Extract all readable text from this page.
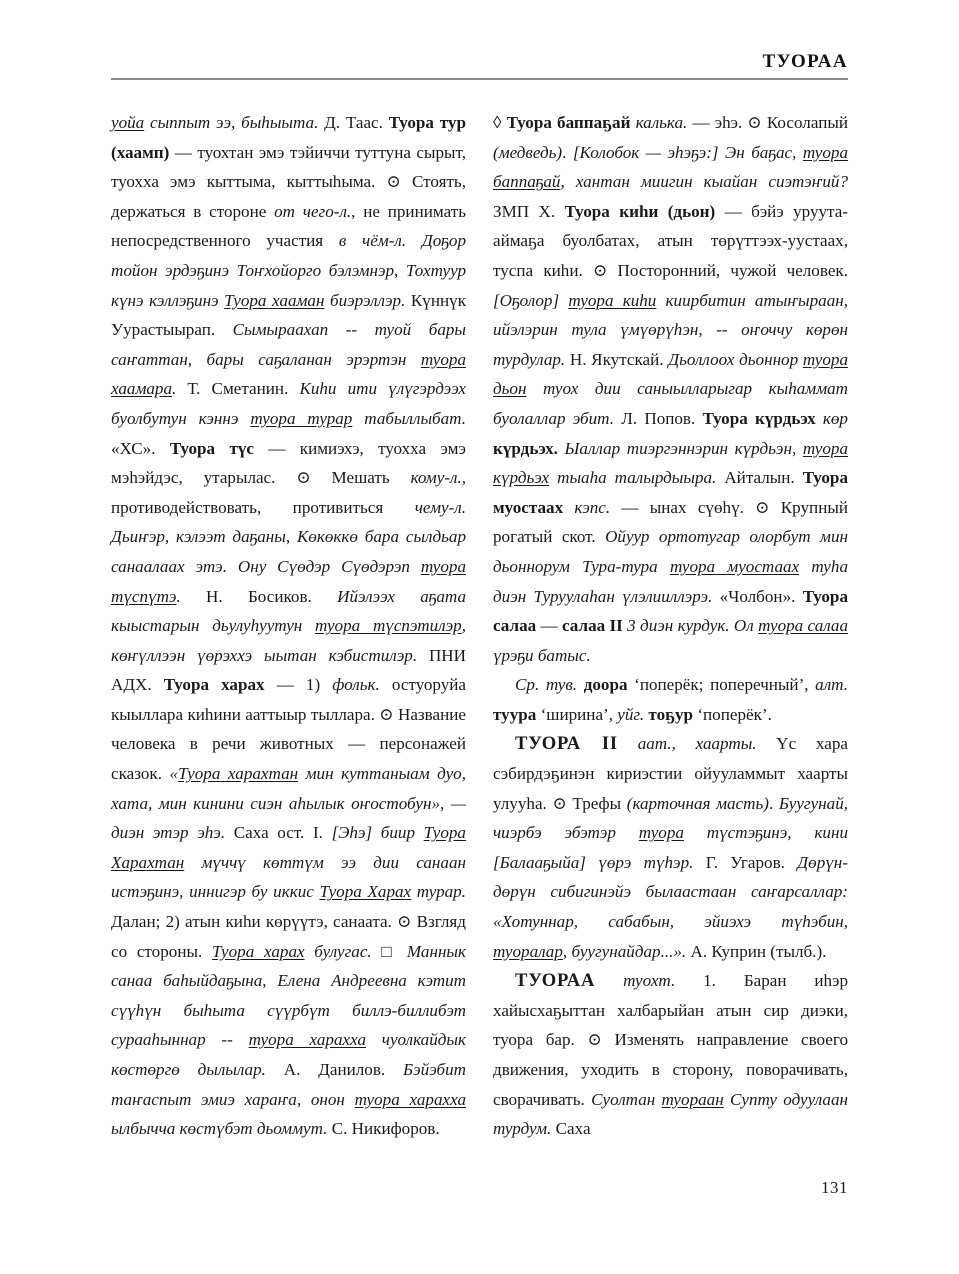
ТУОРАА

уойа сыппыт ээ, быһыыта. Д. Таас. Туора тур (хаамп) — туохтан эмэ тэйиччи туттуна сырыт, туохха эмэ кыттыма, кыттыһыма. ⊙ Стоять, держаться в стороне от чего-л., не принимать непосредственного участия в чём-л. Доҕор тойон эрдэҕинэ Тоҥхойорго бэлэмнэр, Тохтуур күнэ кэллэҕинэ Туора хааман биэрэллэр. Күннүк Уурастыырап. Сымыраахап -- туой бары саҥаттан, бары саҕаланан эрэртэн туора хаамара. Т. Сметанин. Киһи ити үлүгэрдээх буолбутун кэннэ туора турар табыллыбат. «ХС». Туора түс — кимиэхэ, туохха эмэ мэһэйдэс, утарылас. ⊙ Мешать кому-л., противодействовать, противиться чему-л. Дьиҥэр, кэлээт даҕаны, Көкөккө бара сылдьар санаалаах этэ. Ону Сүөдэр Сүөдэрэп туора түспүтэ. Н. Босиков. Ийэлээх аҕата кыыстарын дьулуһуутун туора түспэтилэр, көҥүллээн үөрэххэ ыытан кэбистилэр. ПНИ АДХ. Туора харах — 1) фольк. остуоруйа кыыллара киһини ааттыыр тыллара. ⊙ Название человека в речи животных — персонажей сказок. «Туора харахтан мин куттаныам дуо, хата, мин кинини сиэн аһылык оҥостобун», — диэн этэр эһэ. Саха ост. I. [Эһэ] биир Туора Харахтан мүччү көттүм ээ дии санаан истэҕинэ, иннигэр бу иккис Туора Харах турар. Далан; 2) атын киһи көрүүтэ, санаата. ⊙ Взгляд со стороны. Туора харах булугас. □ Маннык санаа баһыйдаҕына, Елена Андреевна кэтит сүүһүн быһыта сүүрбүт биллэ-биллибэт сурааһыннар -- туора харахха чуолкайдык көстөргө дылылар. А. Данилов. Бэйэбит таҥаспыт эмиэ хараҥа, онон туора харахха ылбычча көстүбэт дьоммут. С. Никифоров.

◊ Туора баппаҕай калька. — эһэ. ⊙ Косолапый (медведь). [Колобок — эһэҕэ:] Эн баҕас, туора баппаҕай, хантан миигин кыайан сиэтэҥий? ЗМП Х. Туора киһи (дьон) — бэйэ уруута-аймаҕа буолбатах, атын төрүттээх-уустаах, туспа киһи. ⊙ Посторонний, чужой человек. [Оҕолор] туора киһи киирбитин атыҥыраан, ийэлэрин тула үмүөрүһэн, -- оҥоччу көрөн турдулар. Н. Якутскай. Дьоллоох дьоннор туора дьон туох дии саныылларыгар кыһаммат буолаллар эбит. Л. Попов. Туора күрдьэх көр күрдьэх. Ыаллар тиэргэннэрин күрдьэн, туора күрдьэх тыаһа талырдыыра. Айталын. Туора муостаах кэпс. — ынах сүөһү. ⊙ Крупный рогатый скот. Ойуур ортотугар олорбут мин дьоннорум Тура-тура туора муостаах туһа диэн Туруулаһан үлэлииллэрэ. «Чолбон». Туора салаа — салаа II 3 диэн курдук. Ол туора салаа үрэҕи батыс.

Ср. тув. доора ‘поперёк; поперечный’, алт. туура ‘ширина’, уйг. тоҕур ‘поперёк’.

ТУОРА II аат., хаарты. Үс хара сэбирдэҕинэн кириэстии ойууламмыт хаарты улууһа. ⊙ Трефы (карточная масть). Буугунай, чиэрбэ эбэтэр туора түстэҕинэ, кини [Балааҕыйа] үөрэ түһэр. Г. Угаров. Дөрүн-дөрүн сибигинэйэ былаастаан саҥарсаллар: «Хотуннар, сабабын, эйиэхэ түһэбин, туоралар, буугунайдар...». А. Куприн (тылб.).

ТУОРАА туохт. 1. Баран иһэр хайысхаҕыттан халбарыйан атын сир диэки, туора бар. ⊙ Изменять направление своего движения, уходить в сторону, поворачивать, сворачивать. Суолтан туораан Супту одуулаан турдум. Саха

131
